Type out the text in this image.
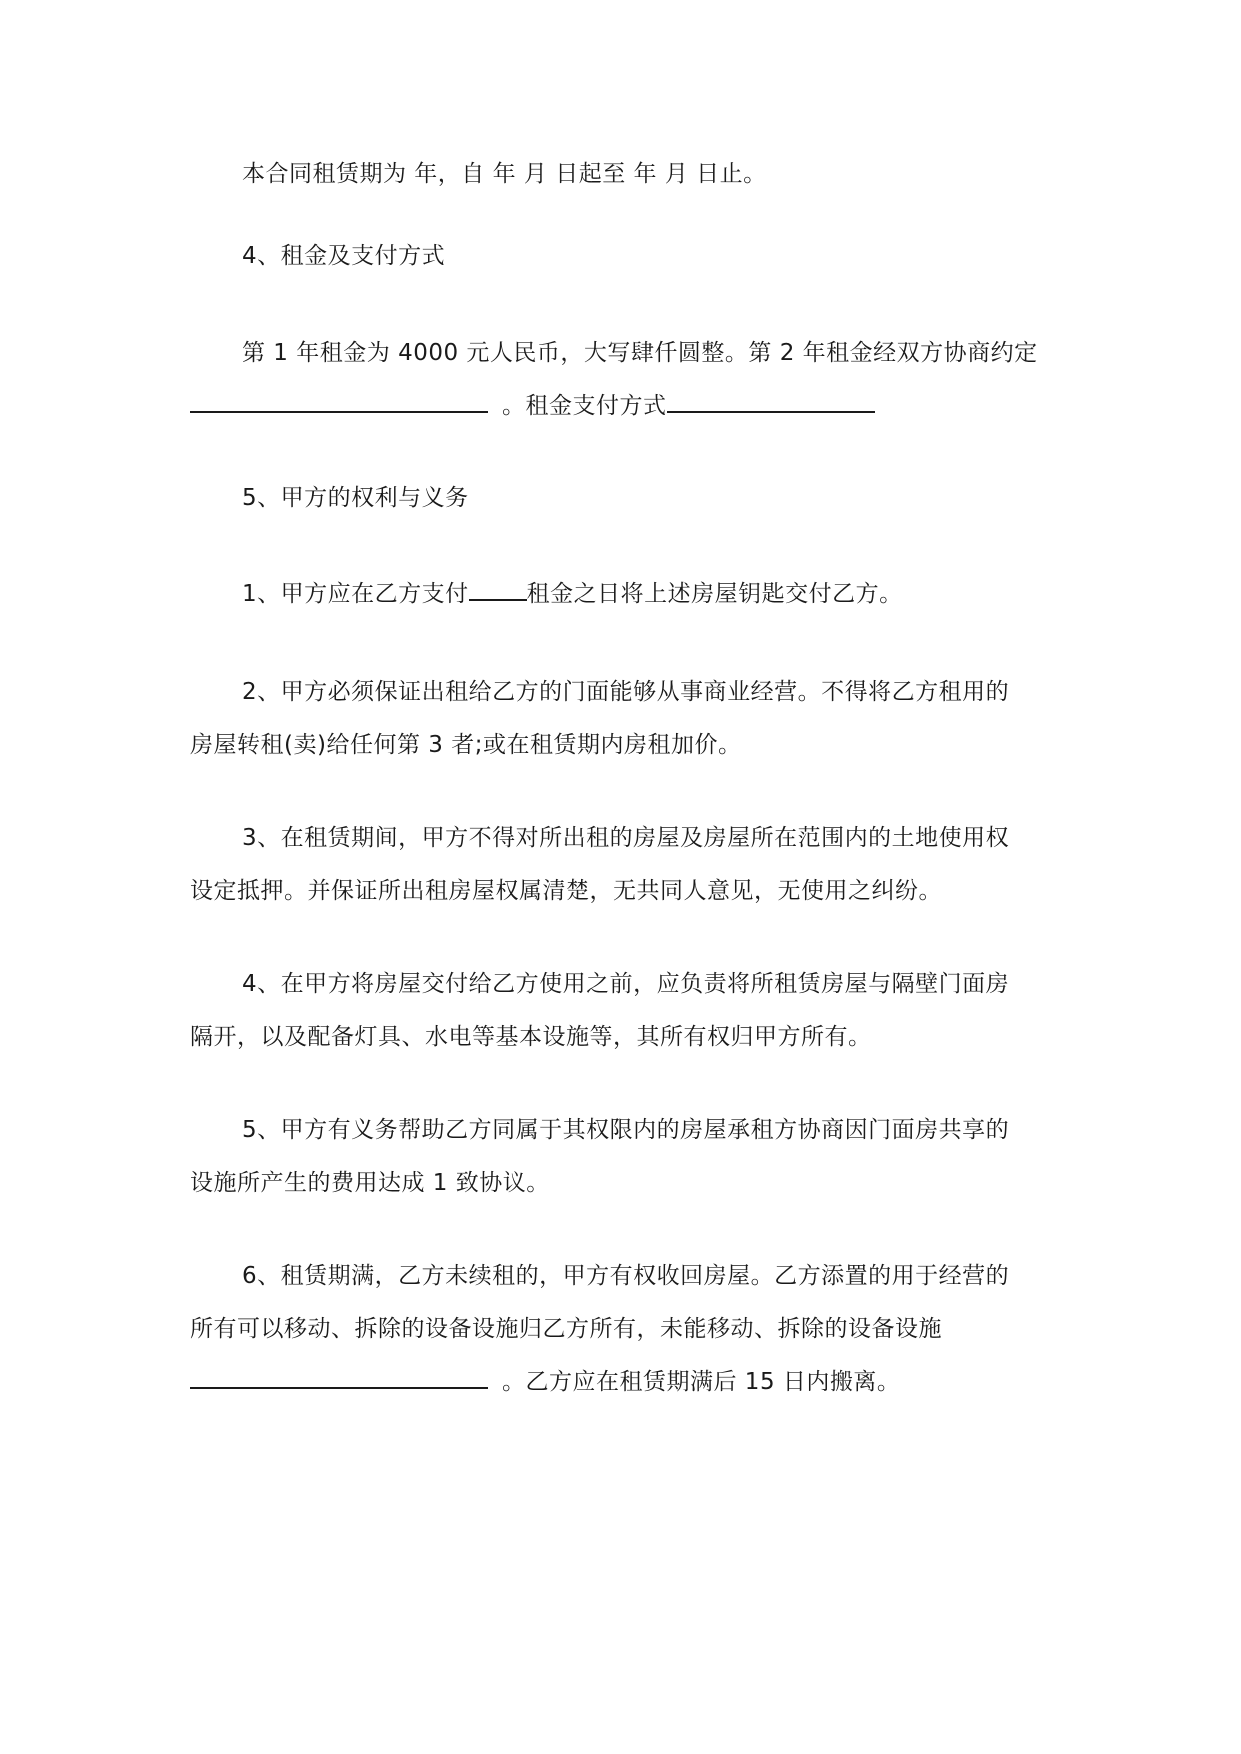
本合同租赁期为 年，自 年 月 日起至 年 月 日止。
4、租金及支付方式
第 1 年租金为 4000 元人民币，大写肆仟圆整。第 2 年租金经双方协商约定
。租金支付方式
5、甲方的权利与义务
1、甲方应在乙方支付	租金之日将上述房屋钥匙交付乙方。
2、甲方必须保证出租给乙方的门面能够从事商业经营。不得将乙方租用的
房屋转租(卖)给任何第 3 者;或在租赁期内房租加价。
3、在租赁期间，甲方不得对所出租的房屋及房屋所在范围内的土地使用权
设定抵押。并保证所出租房屋权属清楚，无共同人意见，无使用之纠纷。
4、在甲方将房屋交付给乙方使用之前，应负责将所租赁房屋与隔壁门面房
隔开，以及配备灯具、水电等基本设施等，其所有权归甲方所有。
5、甲方有义务帮助乙方同属于其权限内的房屋承租方协商因门面房共享的
设施所产生的费用达成 1 致协议。
6、租赁期满，乙方未续租的，甲方有权收回房屋。乙方添置的用于经营的
所有可以移动、拆除的设备设施归乙方所有，未能移动、拆除的设备设施
。乙方应在租赁期满后 15 日内搬离。
